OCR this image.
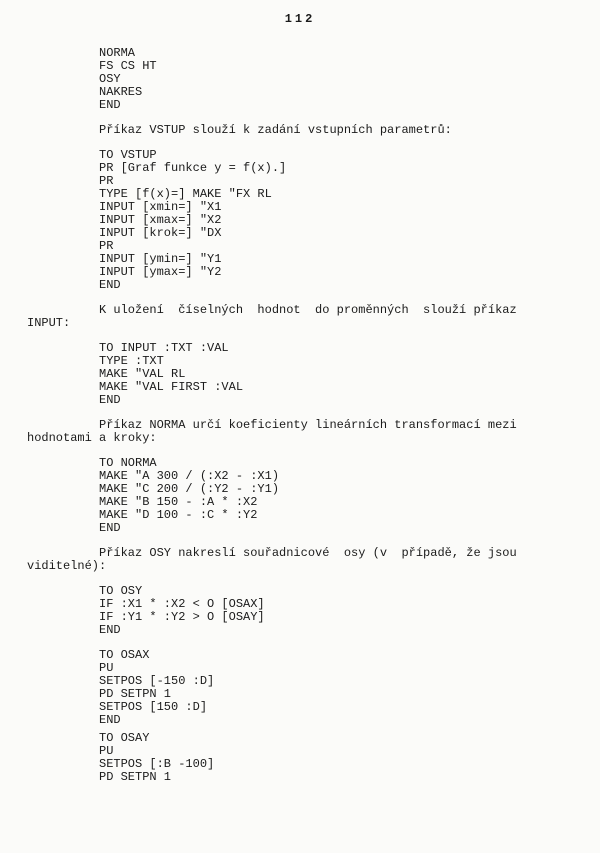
112
NORMA
FS CS HT
OSY
NAKRES
END
Příkaz VSTUP slouží k zadání vstupních parametrů:
TO VSTUP
PR [Graf funkce y = f(x).]
PR
TYPE [f(x)=] MAKE "FX RL
INPUT [xmin=] "X1
INPUT [xmax=] "X2
INPUT [krok=] "DX
PR
INPUT [ymin=] "Y1
INPUT [ymax=] "Y2
END
K uložení  číselných  hodnot  do proměnných  slouží příkaz
INPUT:
TO INPUT :TXT :VAL
TYPE :TXT
MAKE "VAL RL
MAKE "VAL FIRST :VAL
END
Příkaz NORMA určí koeficienty lineárních transformací mezi
hodnotami a kroky:
TO NORMA
MAKE "A 300 / (:X2 - :X1)
MAKE "C 200 / (:Y2 - :Y1)
MAKE "B 150 - :A * :X2
MAKE "D 100 - :C * :Y2
END
Příkaz OSY nakreslí souřadnicové  osy (v  případě, že jsou
viditelné):
TO OSY
IF :X1 * :X2 < O [OSAX]
IF :Y1 * :Y2 > O [OSAY]
END
TO OSAX
PU
SETPOS [-150 :D]
PD SETPN 1
SETPOS [150 :D]
END
TO OSAY
PU
SETPOS [:B -100]
PD SETPN 1
